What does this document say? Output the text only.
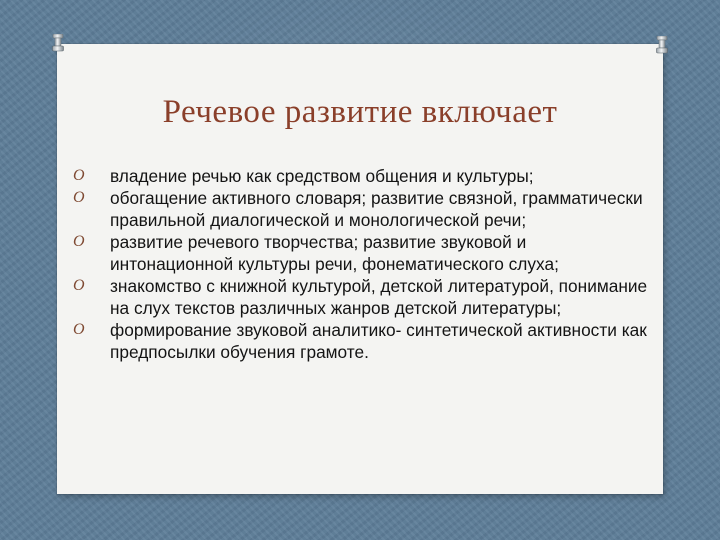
Речевое развитие включает
O владение речью как средством общения и культуры;
O обогащение активного словаря; развитие связной, грамматически правильной диалогической и монологической речи;
O развитие речевого творчества; развитие звуковой и интонационной культуры речи, фонематического слуха;
O знакомство с книжной культурой, детской литературой, понимание на слух текстов различных жанров детской литературы;
O формирование звуковой аналитико- синтетической активности как предпосылки обучения грамоте.
